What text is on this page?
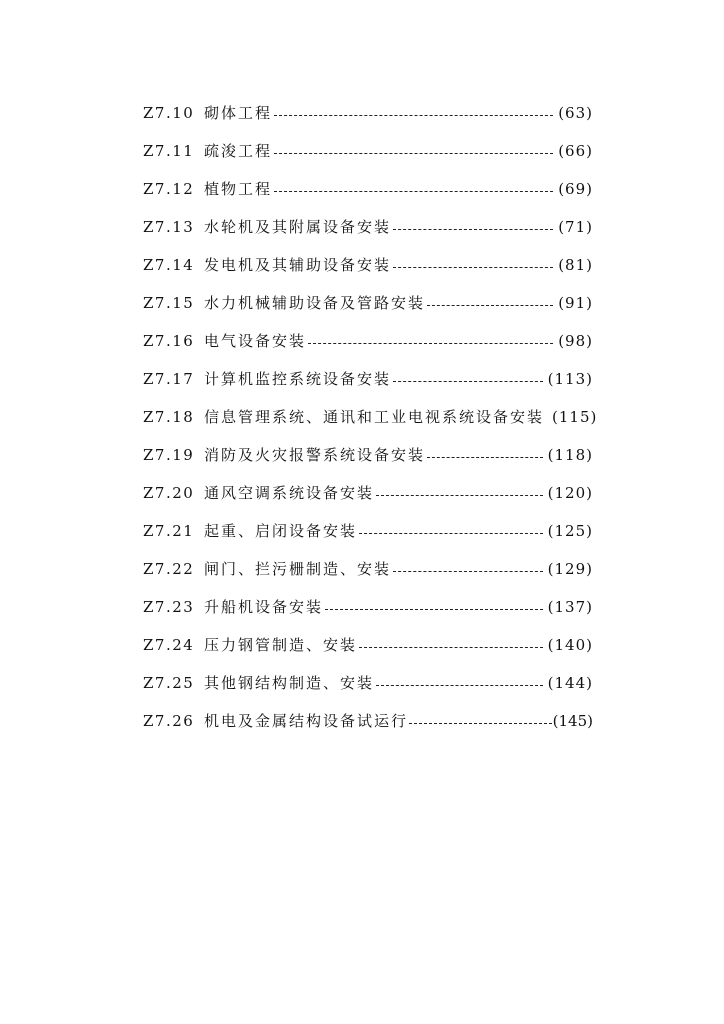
Z7.10 砌体工程	(63)
Z7.11 疏浚工程	(66)
Z7.12 植物工程	(69)
Z7.13 水轮机及其附属设备安装	(71)
Z7.14 发电机及其辅助设备安装	(81)
Z7.15 水力机械辅助设备及管路安装	(91)
Z7.16 电气设备安装	(98)
Z7.17 计算机监控系统设备安装	(113)
Z7.18 信息管理系统、通讯和工业电视系统设备安装 (115)
Z7.19 消防及火灾报警系统设备安装	(118)
Z7.20 通风空调系统设备安装	(120)
Z7.21 起重、启闭设备安装	(125)
Z7.22 闸门、拦污栅制造、安装	(129)
Z7.23 升船机设备安装	(137)
Z7.24 压力钢管制造、安装	(140)
Z7.25 其他钢结构制造、安装	(144)
Z7.26 机电及金属结构设备试运行	(145)
